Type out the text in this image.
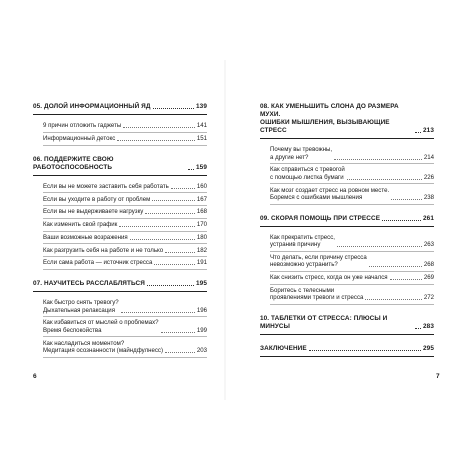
05. ДОЛОЙ ИНФОРМАЦИОННЫЙ ЯД	139
9 причин отложить гаджеты	141
Информационный детокс	151
06. ПОДДЕРЖИТЕ СВОЮ РАБОТОСПОСОБНОСТЬ	159
Если вы не можете заставить себя работать	160
Если вы уходите в работу от проблем	167
Если вы не выдерживаете нагрузку	168
Как изменить свой график	170
Ваши возможные возражения	180
Как разгрузить себя на работе и не только	182
Если сама работа — источник стресса	191
07. НАУЧИТЕСЬ РАССЛАБЛЯТЬСЯ	195
Как быстро снять тревогу?
Дыхательная релаксация	196
Как избавиться от мыслей о проблемах?
Время беспокойства	199
Как насладиться моментом?
Медитация осознанности (майндфулнесс)	203
6
08. КАК УМЕНЬШИТЬ СЛОНА ДО РАЗМЕРА МУХИ.
ОШИБКИ МЫШЛЕНИЯ, ВЫЗЫВАЮЩИЕ СТРЕСС	213
Почему вы тревожны,
а другие нет?	214
Как справиться с тревогой
с помощью листка бумаги	226
Как мозг создает стресс на ровном месте.
Боремся с ошибками мышления	238
09. СКОРАЯ ПОМОЩЬ ПРИ СТРЕССЕ	261
Как прекратить стресс,
устранив причину	263
Что делать, если причину стресса
невозможно устранить?	268
Как снизить стресс, когда он уже начался	269
Боритесь с телесными
проявлениями тревоги и стресса	272
10. ТАБЛЕТКИ ОТ СТРЕССА: ПЛЮСЫ И МИНУСЫ	283
ЗАКЛЮЧЕНИЕ	295
7
